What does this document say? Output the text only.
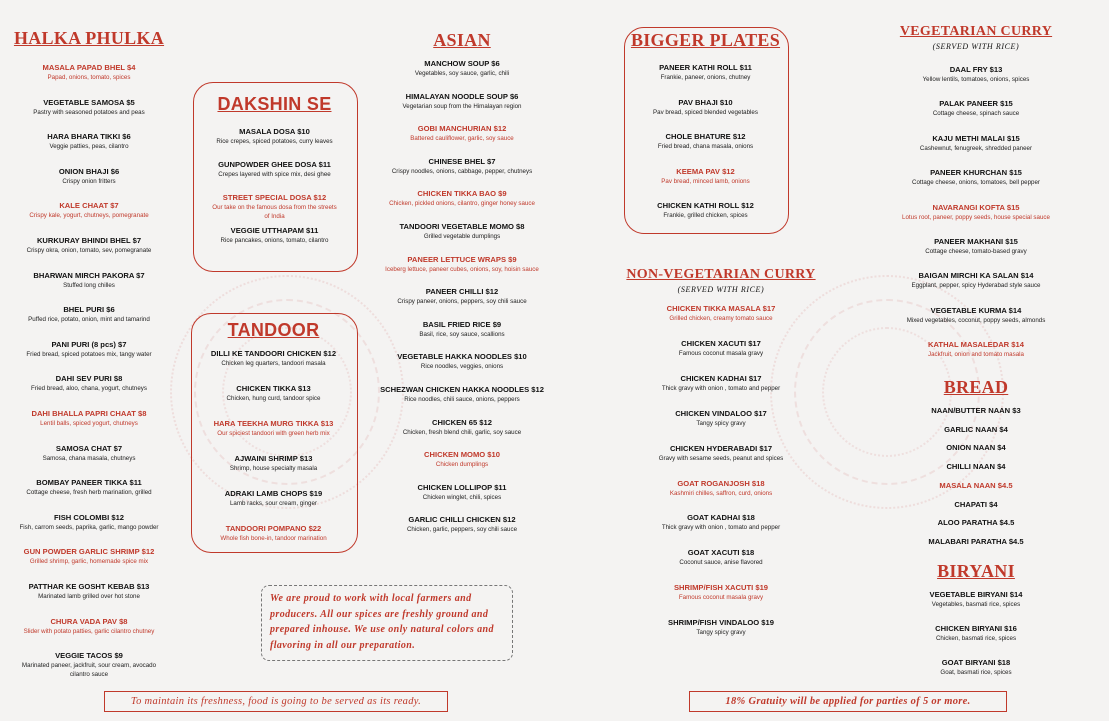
HALKA PHULKA
MASALA PAPAD BHEL $4
Papad, onions, tomato, spices
VEGETABLE SAMOSA $5
Pastry with seasoned potatoes and peas
HARA BHARA TIKKI $6
Veggie patties, peas, cilantro
ONION BHAJI $6
Crispy onion fritters
KALE CHAAT $7
Crispy kale, yogurt, chutneys, pomegranate
KURKURAY BHINDI BHEL $7
Crispy okra, onion, tomato, sev, pomegranate
BHARWAN MIRCH PAKORA $7
Stuffed long chilles
BHEL PURI $6
Puffed rice, potato, onion, mint and tamarind
PANI PURI (8 pcs) $7
Fried bread, spiced potatoes mix, tangy water
DAHI SEV PURI $8
Fried bread, aloo, chana, yogurt, chutneys
DAHI BHALLA PAPRI CHAAT $8
Lentil balls, spiced yogurt, chutneys
SAMOSA CHAT $7
Samosa, chana masala, chutneys
BOMBAY PANEER TIKKA $11
Cottage cheese, fresh herb marination, grilled
FISH COLOMBI $12
Fish, carrom seeds, paprika, garlic, mango powder
GUN POWDER GARLIC SHRIMP $12
Grilled shrimp, garlic, homemade spice mix
PATTHAR KE GOSHT KEBAB $13
Marinated lamb grilled over hot stone
CHURA VADA PAV $8
Slider with potato patties, garlic cilantro chutney
VEGGIE TACOS $9
Marinated paneer, jackfruit, sour cream, avocado
cilantro sauce
DAKSHIN SE
MASALA DOSA $10
Rice crepes, spiced potatoes, curry leaves
GUNPOWDER GHEE DOSA $11
Crepes layered with spice mix, desi ghee
STREET SPECIAL DOSA $12
Our take on the famous dosa from the streets
of India
VEGGIE UTTHAPAM $11
Rice pancakes, onions, tomato, cilantro
TANDOOR
DILLI KE TANDOORI CHICKEN $12
Chicken leg quarters, tandoori masala
CHICKEN TIKKA $13
Chicken, hung curd, tandoor spice
HARA TEEKHA MURG TIKKA $13
Our spiciest tandoori with green herb mix
AJWAINI SHRIMP $13
Shrimp, house specialty masala
ADRAKI LAMB CHOPS $19
Lamb racks, sour cream, ginger
TANDOORI POMPANO $22
Whole fish bone-in, tandoor marination
ASIAN
MANCHOW SOUP $6
Vegetables, soy sauce, garlic, chili
HIMALAYAN NOODLE SOUP $6
Vegetarian soup from the Himalayan region
GOBI MANCHURIAN $12
Battered cauliflower, garlic, soy sauce
CHINESE BHEL $7
Crispy noodles, onions, cabbage, pepper, chutneys
CHICKEN TIKKA BAO $9
Chicken, pickled onions, cilantro, ginger honey sauce
TANDOORI VEGETABLE MOMO $8
Grilled vegetable dumplings
PANEER LETTUCE WRAPS $9
Iceberg lettuce, paneer cubes, onions, soy, hoisin sauce
PANEER CHILLI $12
Crispy paneer, onions, peppers, soy chili sauce
BASIL FRIED RICE $9
Basil, rice, soy sauce, scallions
VEGETABLE HAKKA NOODLES $10
Rice noodles, veggies, onions
SCHEZWAN CHICKEN HAKKA NOODLES $12
Rice noodles, chili sauce, onions, peppers
CHICKEN 65 $12
Chicken, fresh blend chili, garlic, soy sauce
CHICKEN MOMO $10
Chicken dumplings
CHICKEN LOLLIPOP $11
Chicken winglet, chili, spices
GARLIC CHILLI CHICKEN $12
Chicken, garlic, peppers, soy chili sauce
We are proud to work with local farmers and producers. All our spices are freshly ground and prepared inhouse. We use only natural colors and flavoring in all our preparation.
BIGGER PLATES
PANEER KATHI ROLL $11
Frankie, paneer, onions, chutney
PAV BHAJI $10
Pav bread, spiced blended vegetables
CHOLE BHATURE $12
Fried bread, chana masala, onions
KEEMA PAV $12
Pav bread, minced lamb, onions
CHICKEN KATHI ROLL $12
Frankie, grilled chicken, spices
NON-VEGETARIAN CURRY
(SERVED WITH RICE)
CHICKEN TIKKA MASALA $17
Grilled chicken, creamy tomato sauce
CHICKEN XACUTI $17
Famous coconut masala gravy
CHICKEN KADHAI $17
Thick gravy with onion , tomato and pepper
CHICKEN VINDALOO $17
Tangy spicy gravy
CHICKEN HYDERABADI $17
Gravy with sesame seeds, peanut and spices
GOAT ROGANJOSH $18
Kashmiri chilles, saffron, curd, onions
GOAT KADHAI $18
Thick gravy with onion , tomato and pepper
GOAT XACUTI $18
Coconut sauce, anise flavored
SHRIMP/FISH XACUTI $19
Famous coconut masala gravy
SHRIMP/FISH VINDALOO $19
Tangy spicy gravy
VEGETARIAN CURRY
(SERVED WITH RICE)
DAAL FRY $13
Yellow lentils, tomatoes, onions, spices
PALAK PANEER $15
Cottage cheese, spinach sauce
KAJU METHI MALAI $15
Cashewnut, fenugreek, shredded paneer
PANEER KHURCHAN $15
Cottage cheese, onions, tomatoes, bell pepper
NAVARANGI KOFTA $15
Lotus root, paneer, poppy seeds, house special sauce
PANEER MAKHANI $15
Cottage cheese, tomato-based gravy
BAIGAN MIRCHI KA SALAN $14
Eggplant, pepper, spicy Hyderabad style sauce
VEGETABLE KURMA $14
Mixed vegetables, coconut, poppy seeds, almonds
KATHAL MASALEDAR $14
Jackfruit, onion and tomato masala
BREAD
NAAN/BUTTER NAAN $3
GARLIC NAAN $4
ONION NAAN $4
CHILLI NAAN $4
MASALA NAAN $4.5
CHAPATI $4
ALOO PARATHA $4.5
MALABARI PARATHA $4.5
BIRYANI
VEGETABLE BIRYANI $14
Vegetables, basmati rice, spices
CHICKEN BIRYANI $16
Chicken, basmati rice, spices
GOAT BIRYANI $18
Goat, basmati rice, spices
To maintain its freshness, food is going to be served as its ready.	18% Gratuity will be applied for parties of 5 or more.
